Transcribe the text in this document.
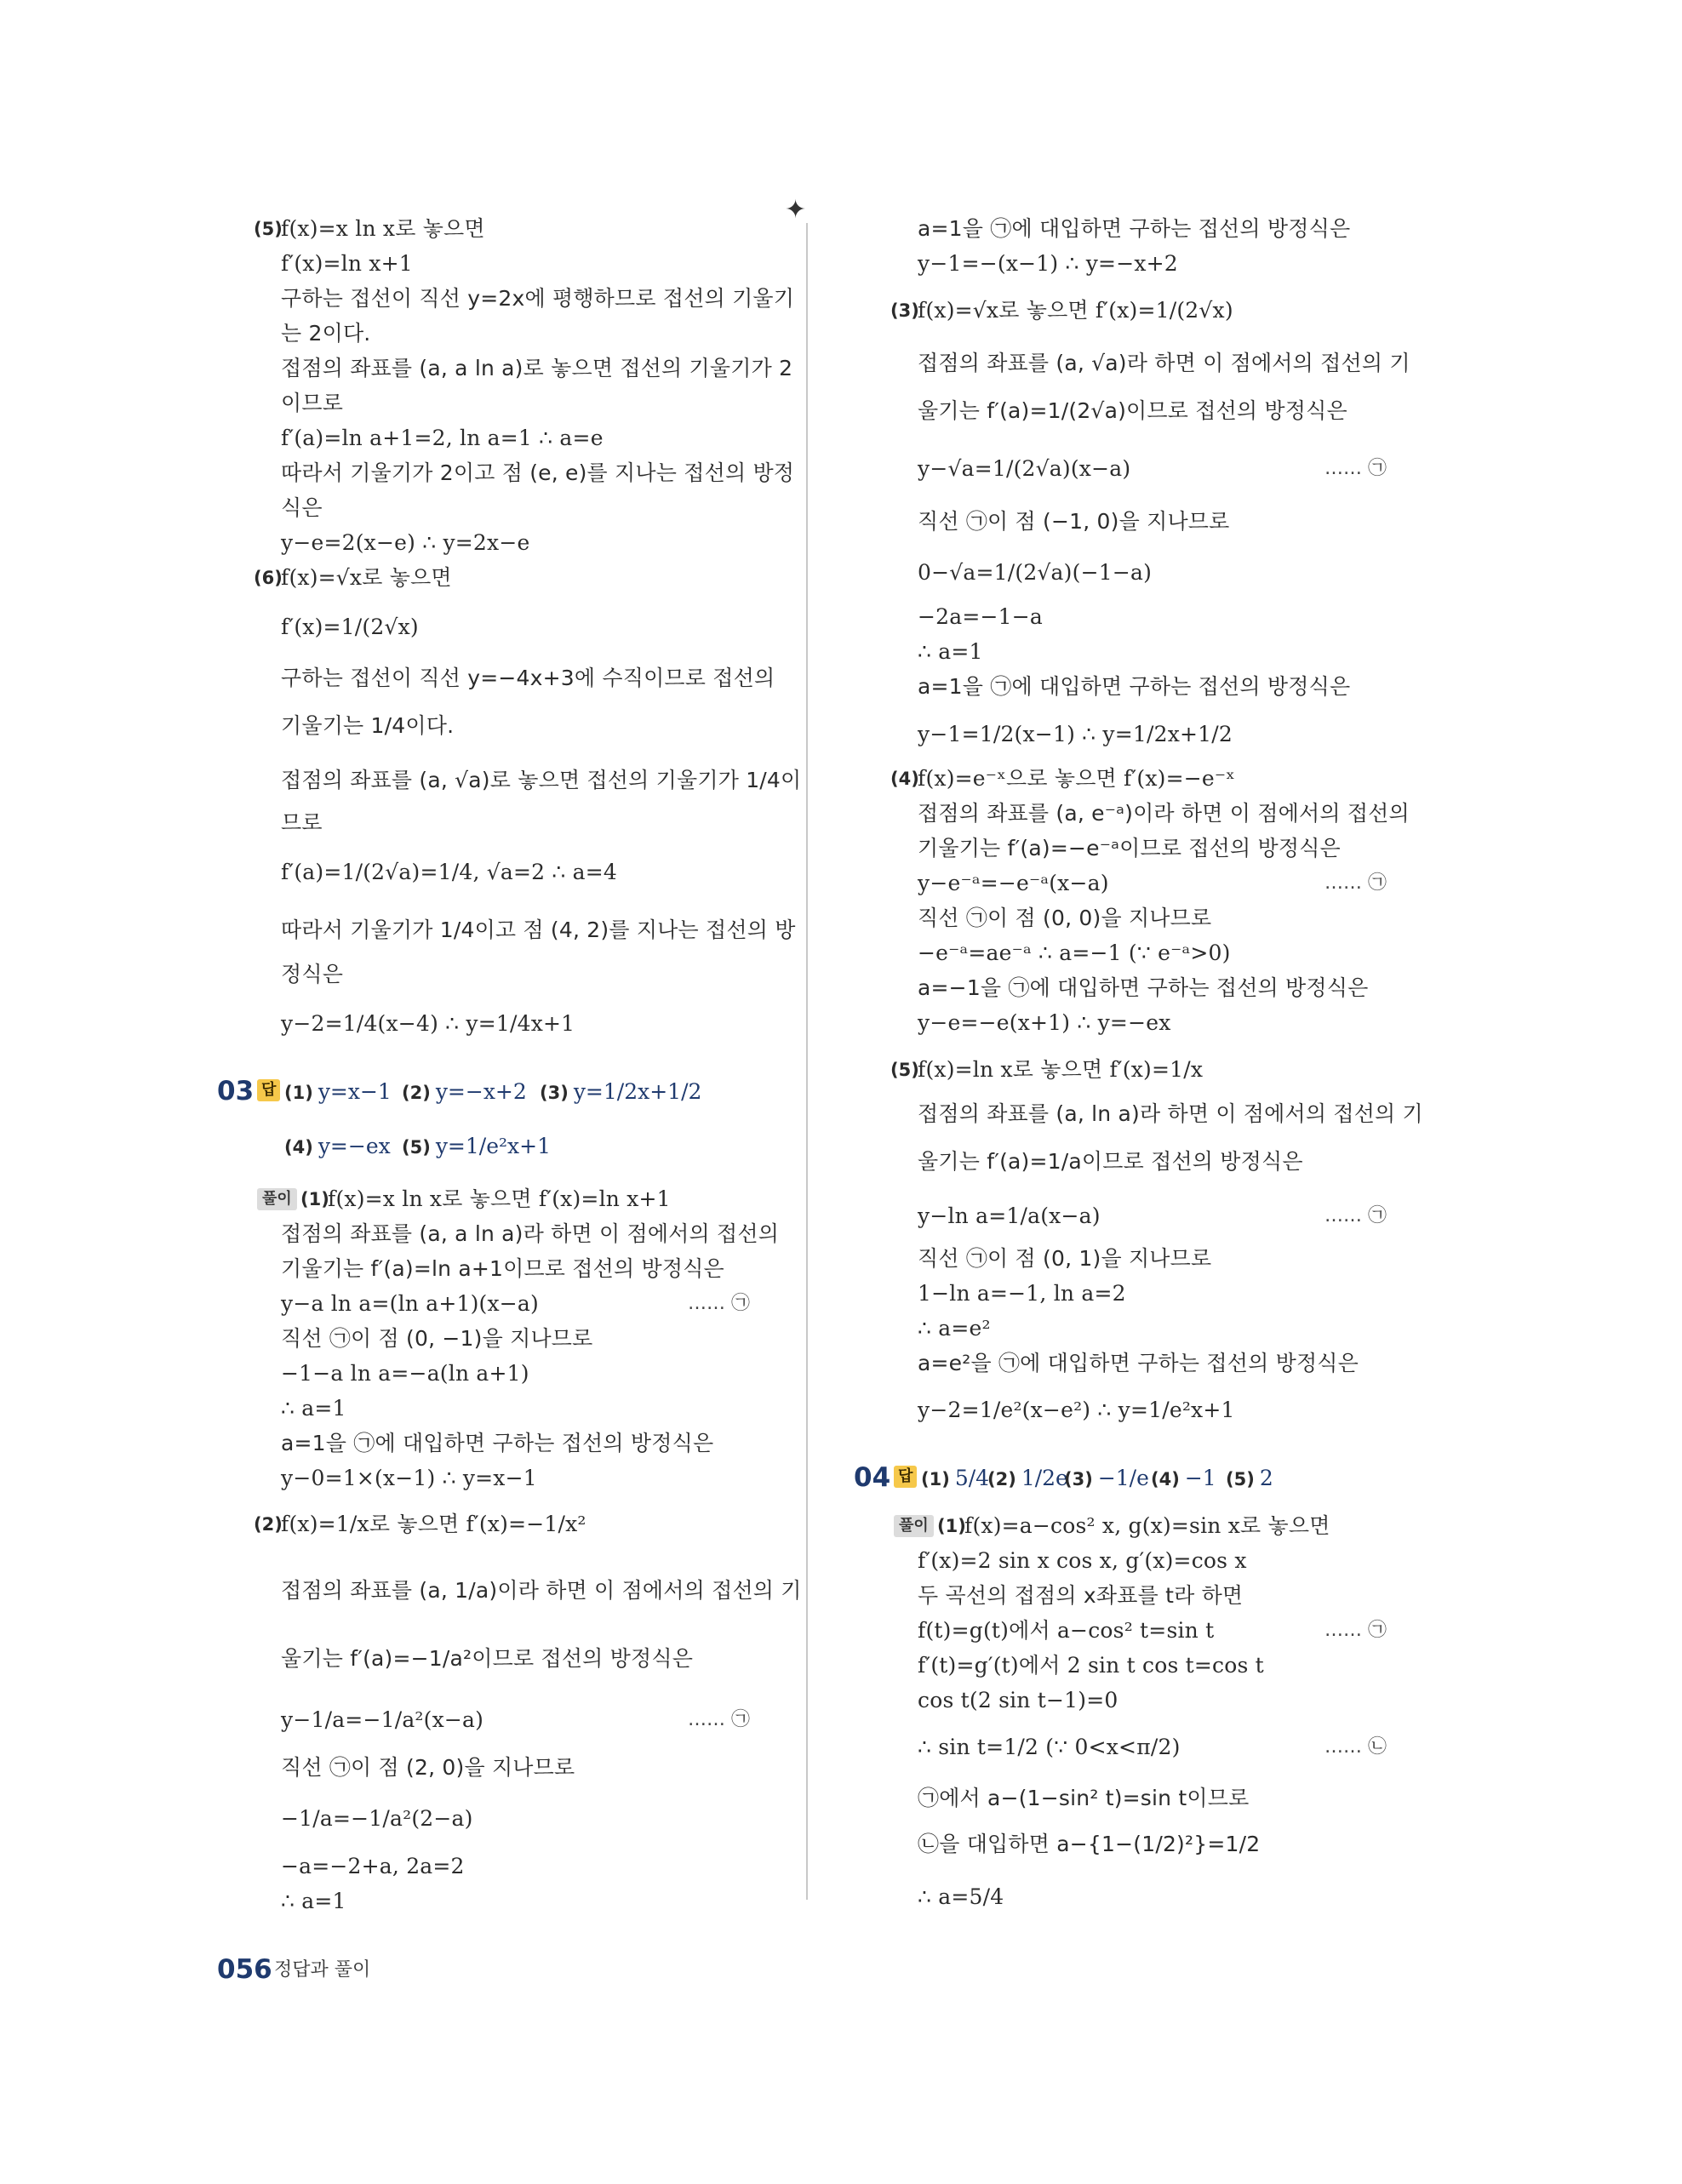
✦
(5)
f(x)=x ln x로 놓으면
f′(x)=ln x+1
구하는 접선이 직선 y=2x에 평행하므로 접선의 기울기
는 2이다.
접점의 좌표를 (a, a ln a)로 놓으면 접선의 기울기가 2
이므로
f′(a)=ln a+1=2, ln a=1 ∴ a=e
따라서 기울기가 2이고 점 (e, e)를 지나는 접선의 방정
식은
y−e=2(x−e) ∴ y=2x−e
(6)
f(x)=√x로 놓으면
f′(x)=1/(2√x)
구하는 접선이 직선 y=−4x+3에 수직이므로 접선의
기울기는 1/4이다.
접점의 좌표를 (a, √a)로 놓으면 접선의 기울기가 1/4이
므로
f′(a)=1/(2√a)=1/4, √a=2 ∴ a=4
따라서 기울기가 1/4이고 점 (4, 2)를 지나는 접선의 방
정식은
y−2=1/4(x−4) ∴ y=1/4x+1
03 답 (1) y=x−1 (2) y=−x+2 (3) y=1/2x+1/2
(4) y=−ex (5) y=1/e²x+1
풀이 (1)
f(x)=x ln x로 놓으면 f′(x)=ln x+1
접점의 좌표를 (a, a ln a)라 하면 이 점에서의 접선의
기울기는 f′(a)=ln a+1이므로 접선의 방정식은
y−a ln a=(ln a+1)(x−a)	…… ㉠
직선 ㉠이 점 (0, −1)을 지나므로
−1−a ln a=−a(ln a+1)
∴ a=1
a=1을 ㉠에 대입하면 구하는 접선의 방정식은
y−0=1×(x−1) ∴ y=x−1
(2)
f(x)=1/x로 놓으면 f′(x)=−1/x²
접점의 좌표를 (a, 1/a)이라 하면 이 점에서의 접선의 기
울기는 f′(a)=−1/a²이므로 접선의 방정식은
y−1/a=−1/a²(x−a)	…… ㉠
직선 ㉠이 점 (2, 0)을 지나므로
−1/a=−1/a²(2−a)
−a=−2+a, 2a=2
∴ a=1
a=1을 ㉠에 대입하면 구하는 접선의 방정식은
y−1=−(x−1) ∴ y=−x+2
(3)
f(x)=√x로 놓으면 f′(x)=1/(2√x)
접점의 좌표를 (a, √a)라 하면 이 점에서의 접선의 기
울기는 f′(a)=1/(2√a)이므로 접선의 방정식은
y−√a=1/(2√a)(x−a)	…… ㉠
직선 ㉠이 점 (−1, 0)을 지나므로
0−√a=1/(2√a)(−1−a)
−2a=−1−a
∴ a=1
a=1을 ㉠에 대입하면 구하는 접선의 방정식은
y−1=1/2(x−1) ∴ y=1/2x+1/2
(4)
f(x)=e⁻ˣ으로 놓으면 f′(x)=−e⁻ˣ
접점의 좌표를 (a, e⁻ᵃ)이라 하면 이 점에서의 접선의
기울기는 f′(a)=−e⁻ᵃ이므로 접선의 방정식은
y−e⁻ᵃ=−e⁻ᵃ(x−a)	…… ㉠
직선 ㉠이 점 (0, 0)을 지나므로
−e⁻ᵃ=ae⁻ᵃ ∴ a=−1 (∵ e⁻ᵃ>0)
a=−1을 ㉠에 대입하면 구하는 접선의 방정식은
y−e=−e(x+1) ∴ y=−ex
(5)
f(x)=ln x로 놓으면 f′(x)=1/x
접점의 좌표를 (a, ln a)라 하면 이 점에서의 접선의 기
울기는 f′(a)=1/a이므로 접선의 방정식은
y−ln a=1/a(x−a)	…… ㉠
직선 ㉠이 점 (0, 1)을 지나므로
1−ln a=−1, ln a=2
∴ a=e²
a=e²을 ㉠에 대입하면 구하는 접선의 방정식은
y−2=1/e²(x−e²) ∴ y=1/e²x+1
04 답 (1) 5/4
(2) 1/2e
(3) −1/e (4) −1 (5) 2
풀이 (1)
f(x)=a−cos² x, g(x)=sin x로 놓으면
f′(x)=2 sin x cos x, g′(x)=cos x
두 곡선의 접점의 x좌표를 t라 하면
f(t)=g(t)에서 a−cos² t=sin t	…… ㉠
f′(t)=g′(t)에서 2 sin t cos t=cos t
cos t(2 sin t−1)=0
∴ sin t=1/2 (∵ 0<x<π/2)	…… ㉡
㉠에서 a−(1−sin² t)=sin t이므로
㉡을 대입하면 a−{1−(1/2)²}=1/2
∴ a=5/4
056 정답과 풀이
